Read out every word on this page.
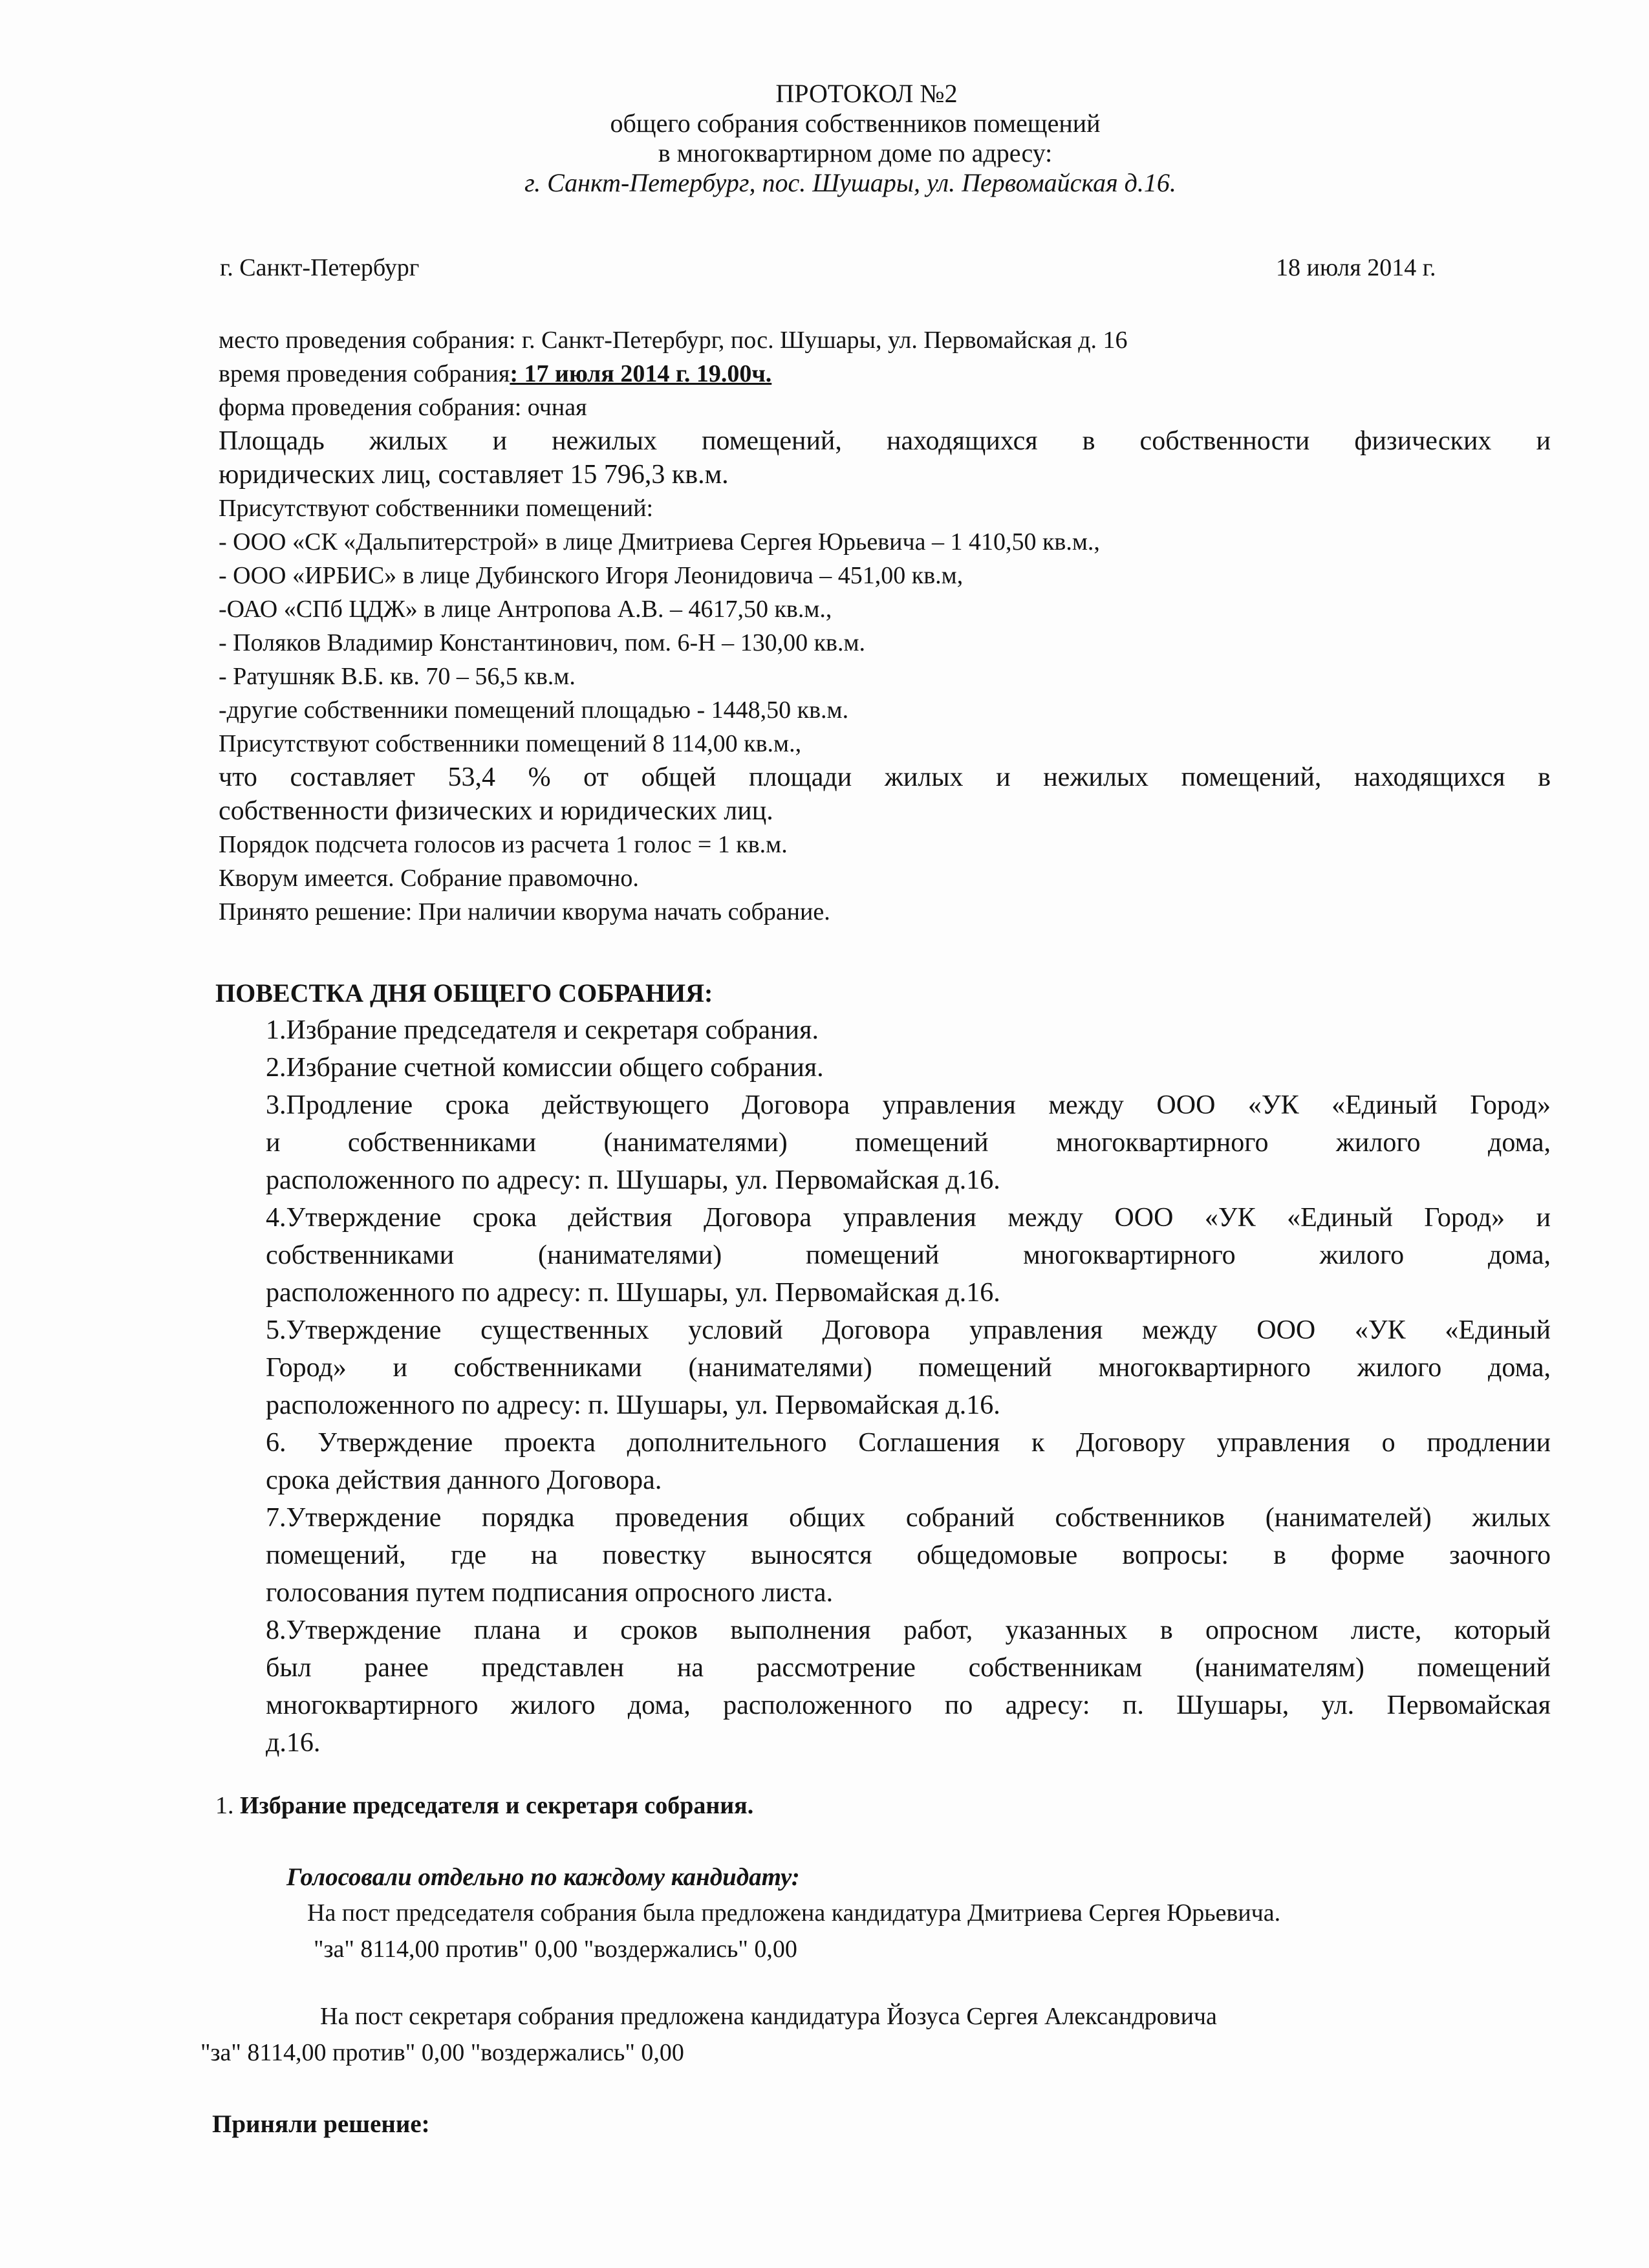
ПРОТОКОЛ №2
общего собрания собственников помещений
в многоквартирном доме по адресу:
г. Санкт-Петербург, пос. Шушары, ул. Первомайская д.16.
г. Санкт-Петербург	18 июля 2014 г.
место проведения собрания: г. Санкт-Петербург, пос. Шушары, ул. Первомайская д. 16
время проведения собрания: 17 июля 2014 г. 19.00ч.
форма проведения собрания: очная
Площадь жилых и нежилых помещений, находящихся в собственности физических и
юридических лиц, составляет 15 796,3 кв.м.
Присутствуют собственники помещений:
- ООО «СК «Дальпитерстрой» в лице Дмитриева Сергея Юрьевича – 1 410,50 кв.м.,
- ООО «ИРБИС» в лице Дубинского Игоря Леонидовича – 451,00 кв.м,
-ОАО «СПб ЦДЖ» в лице Антропова А.В. – 4617,50 кв.м.,
- Поляков Владимир Константинович, пом. 6-Н – 130,00 кв.м.
- Ратушняк В.Б. кв. 70 – 56,5 кв.м.
-другие собственники помещений площадью - 1448,50 кв.м.
Присутствуют собственники помещений 8 114,00 кв.м.,
что составляет 53,4 % от общей площади жилых и нежилых помещений, находящихся в
собственности физических и юридических лиц.
Порядок подсчета голосов из расчета 1 голос = 1 кв.м.
Кворум имеется. Собрание правомочно.
Принято решение: При наличии кворума начать собрание.
ПОВЕСТКА ДНЯ ОБЩЕГО СОБРАНИЯ:
1.Избрание председателя и секретаря собрания.
2.Избрание счетной комиссии общего собрания.
3.Продление срока действующего Договора управления между ООО «УК «Единый Город»
и собственниками (нанимателями) помещений многоквартирного жилого дома,
расположенного по адресу: п. Шушары, ул. Первомайская д.16.
4.Утверждение срока действия Договора управления между ООО «УК «Единый Город» и
собственниками (нанимателями) помещений многоквартирного жилого дома,
расположенного по адресу: п. Шушары, ул. Первомайская д.16.
5.Утверждение существенных условий Договора управления между ООО «УК «Единый
Город» и собственниками (нанимателями) помещений многоквартирного жилого дома,
расположенного по адресу: п. Шушары, ул. Первомайская д.16.
6. Утверждение проекта дополнительного Соглашения к Договору управления о продлении
срока действия данного Договора.
7.Утверждение порядка проведения общих собраний собственников (нанимателей) жилых
помещений, где на повестку выносятся общедомовые вопросы: в форме заочного
голосования путем подписания опросного листа.
8.Утверждение плана и сроков выполнения работ, указанных в опросном листе, который
был ранее представлен на рассмотрение собственникам (нанимателям) помещений
многоквартирного жилого дома, расположенного по адресу: п. Шушары, ул. Первомайская
д.16.
1. Избрание председателя и секретаря собрания.
Голосовали отдельно по каждому кандидату:
На пост председателя собрания была предложена кандидатура Дмитриева Сергея Юрьевича.
"за" 8114,00 против" 0,00 "воздержались" 0,00
На пост секретаря собрания предложена кандидатура Йозуса Сергея Александровича
"за" 8114,00 против" 0,00 "воздержались" 0,00
Приняли решение:
